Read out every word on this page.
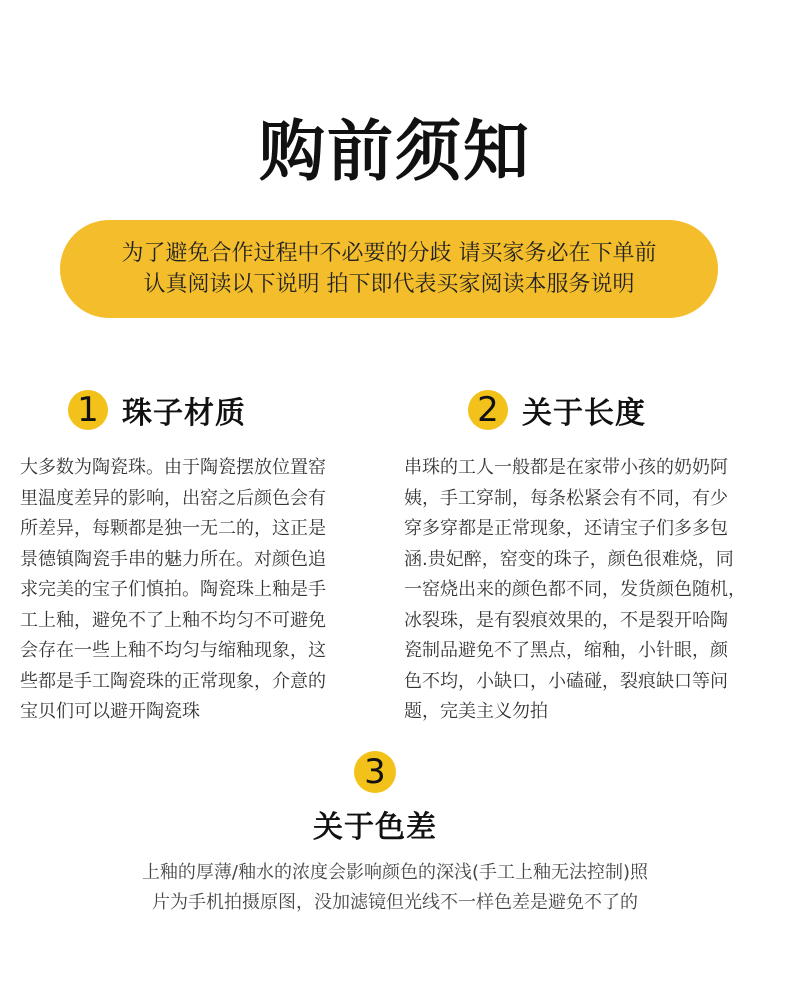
购前须知
为了避免合作过程中不必要的分歧 请买家务必在下单前
认真阅读以下说明 拍下即代表买家阅读本服务说明
1 珠子材质
大多数为陶瓷珠。由于陶瓷摆放位置窑
里温度差异的影响，出窑之后颜色会有
所差异，每颗都是独一无二的，这正是
景德镇陶瓷手串的魅力所在。对颜色追
求完美的宝子们慎拍。陶瓷珠上釉是手
工上釉，避免不了上釉不均匀不可避免
会存在一些上釉不均匀与缩釉现象，这
些都是手工陶瓷珠的正常现象，介意的
宝贝们可以避开陶瓷珠
2 关于长度
串珠的工人一般都是在家带小孩的奶奶阿
姨，手工穿制，每条松紧会有不同，有少
穿多穿都是正常现象，还请宝子们多多包
涵.贵妃醉，窑变的珠子，颜色很难烧，同
一窑烧出来的颜色都不同，发货颜色随机，
冰裂珠，是有裂痕效果的，不是裂开哈陶
瓷制品避免不了黑点，缩釉，小针眼，颜
色不均，小缺口，小磕碰，裂痕缺口等问
题，完美主义勿拍
3
关于色差
上釉的厚薄/釉水的浓度会影响颜色的深浅(手工上釉无法控制)照
片为手机拍摄原图，没加滤镜但光线不一样色差是避免不了的
